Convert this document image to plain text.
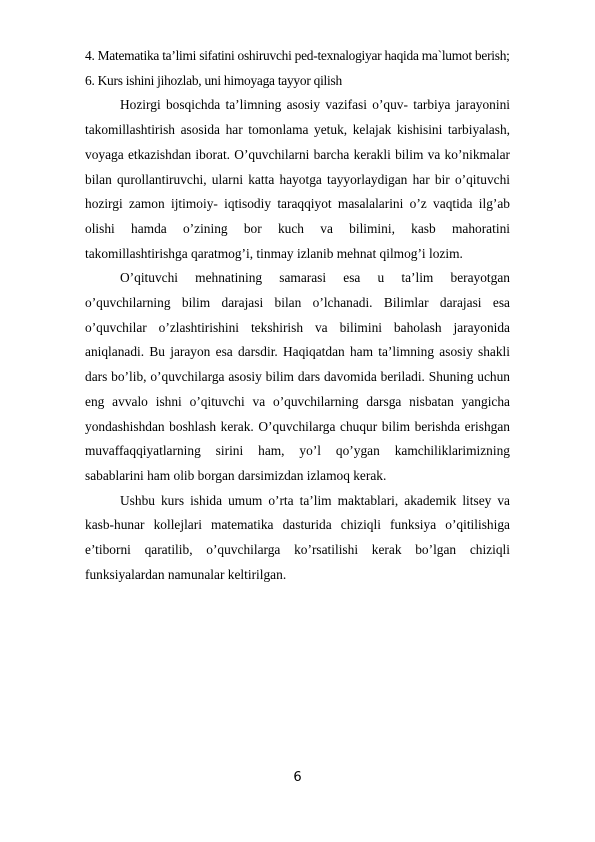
4. Matematika ta’limi sifatini oshiruvchi ped-texnalogiyar haqida ma`lumot berish;

6. Kurs ishini jihozlab, uni himoyaga tayyor qilish

Hozirgi bosqichda ta’limning asosiy vazifasi o’quv- tarbiya jarayonini takomillashtirish asosida har tomonlama yetuk, kelajak kishisini tarbiyalash, voyaga etkazishdan iborat. O’quvchilarni barcha kerakli bilim va ko’nikmalar bilan qurollantiruvchi, ularni katta hayotga tayyorlaydigan har bir o’qituvchi hozirgi zamon ijtimoiy- iqtisodiy taraqqiyot masalalarini o’z vaqtida ilg’ab olishi hamda o’zining bor kuch va bilimini, kasb mahoratini takomillashtirishga qaratmog’i, tinmay izlanib mehnat qilmog’i lozim.

O’qituvchi mehnatining samarasi esa u ta’lim berayotgan o’quvchilarning bilim darajasi bilan o’lchanadi. Bilimlar darajasi esa o’quvchilar o’zlashtirishini tekshirish va bilimini baholash jarayonida aniqlanadi. Bu jarayon esa darsdir. Haqiqatdan ham ta’limning asosiy shakli dars bo’lib, o’quvchilarga asosiy bilim dars davomida beriladi. Shuning uchun eng avvalo ishni o’qituvchi va o’quvchilarning darsga nisbatan yangicha yondashishdan boshlash kerak. O’quvchilarga chuqur bilim berishda erishgan muvaffaqqiyatlarning sirini ham, yo’l qo’ygan kamchiliklarimizning sabablarini ham olib borgan darsimizdan izlamoq kerak.

Ushbu kurs ishida umum o’rta ta’lim maktablari, akademik litsey va kasb-hunar kollejlari matematika dasturida chiziqli funksiya o’qitilishiga e’tiborni qaratilib, o’quvchilarga ko’rsatilishi kerak bo’lgan chiziqli funksiyalardan namunalar keltirilgan.

6
